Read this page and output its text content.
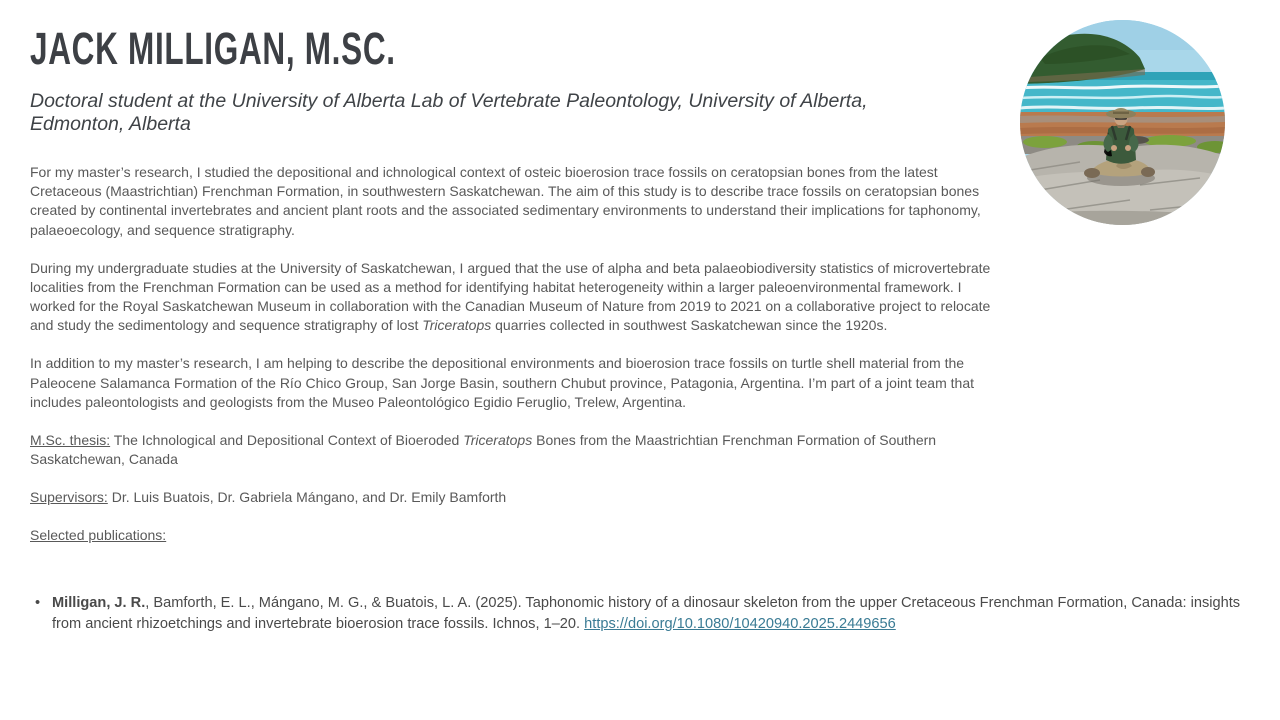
JACK MILLIGAN, M.SC.

Doctoral student at the University of Alberta Lab of Vertebrate Paleontology, University of Alberta, Edmonton, Alberta

For my master’s research, I studied the depositional and ichnological context of osteic bioerosion trace fossils on ceratopsian bones from the latest Cretaceous (Maastrichtian) Frenchman Formation, in southwestern Saskatchewan. The aim of this study is to describe trace fossils on ceratopsian bones created by continental invertebrates and ancient plant roots and the associated sedimentary environments to understand their implications for taphonomy, palaeoecology, and sequence stratigraphy.

During my undergraduate studies at the University of Saskatchewan, I argued that the use of alpha and beta palaeobiodiversity statistics of microvertebrate localities from the Frenchman Formation can be used as a method for identifying habitat heterogeneity within a larger paleoenvironmental framework. I worked for the Royal Saskatchewan Museum in collaboration with the Canadian Museum of Nature from 2019 to 2021 on a collaborative project to relocate and study the sedimentology and sequence stratigraphy of lost Triceratops quarries collected in southwest Saskatchewan since the 1920s.

In addition to my master’s research, I am helping to describe the depositional environments and bioerosion trace fossils on turtle shell material from the Paleocene Salamanca Formation of the Río Chico Group, San Jorge Basin, southern Chubut province, Patagonia, Argentina. I’m part of a joint team that includes paleontologists and geologists from the Museo Paleontológico Egidio Feruglio, Trelew, Argentina.

M.Sc. thesis: The Ichnological and Depositional Context of Bioeroded Triceratops Bones from the Maastrichtian Frenchman Formation of Southern Saskatchewan, Canada

Supervisors: Dr. Luis Buatois, Dr. Gabriela Mángano, and Dr. Emily Bamforth

Selected publications:

• Milligan, J. R., Bamforth, E. L., Mángano, M. G., & Buatois, L. A. (2025). Taphonomic history of a dinosaur skeleton from the upper Cretaceous Frenchman Formation, Canada: insights from ancient rhizoetchings and invertebrate bioerosion trace fossils. Ichnos, 1–20. https://doi.org/10.1080/10420940.2025.2449656
